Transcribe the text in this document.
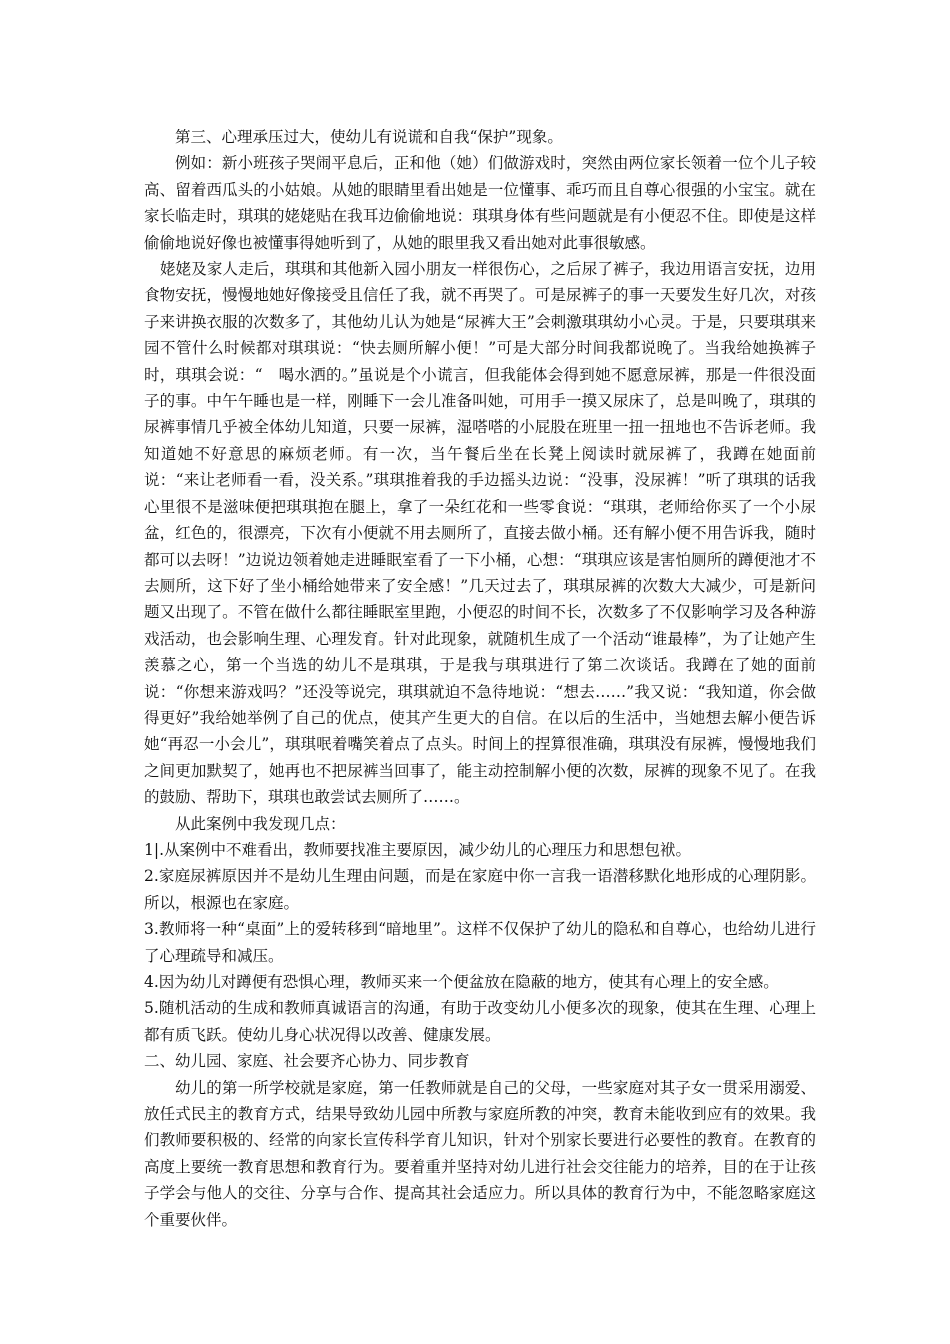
第三、心理承压过大，使幼儿有说谎和自我“保护”现象。

例如：新小班孩子哭闹平息后，正和他（她）们做游戏时，突然由两位家长领着一位个儿子较高、留着西瓜头的小姑娘。从她的眼睛里看出她是一位懂事、乖巧而且自尊心很强的小宝宝。就在家长临走时，琪琪的姥姥贴在我耳边偷偷地说：琪琪身体有些问题就是有小便忍不住。即使是这样偷偷地说好像也被懂事得她听到了，从她的眼里我又看出她对此事很敏感。

姥姥及家人走后，琪琪和其他新入园小朋友一样很伤心，之后尿了裤子，我边用语言安抚，边用食物安抚，慢慢地她好像接受且信任了我，就不再哭了。可是尿裤子的事一天要发生好几次，对孩子来讲换衣服的次数多了，其他幼儿认为她是“尿裤大王”会刺激琪琪幼小心灵。于是，只要琪琪来园不管什么时候都对琪琪说：“快去厕所解小便！”可是大部分时间我都说晚了。当我给她换裤子时，琪琪会说：“　喝水洒的。”虽说是个小谎言，但我能体会得到她不愿意尿裤，那是一件很没面子的事。中午午睡也是一样，刚睡下一会儿准备叫她，可用手一摸又尿床了，总是叫晚了，琪琪的尿裤事情几乎被全体幼儿知道，只要一尿裤，湿嗒嗒的小屁股在班里一扭一扭地也不告诉老师。我知道她不好意思的麻烦老师。有一次，当午餐后坐在长凳上阅读时就尿裤了，我蹲在她面前说：“来让老师看一看，没关系。”琪琪推着我的手边摇头边说：“没事，没尿裤！”听了琪琪的话我心里很不是滋味便把琪琪抱在腿上，拿了一朵红花和一些零食说：“琪琪，老师给你买了一个小尿盆，红色的，很漂亮，下次有小便就不用去厕所了，直接去做小桶。还有解小便不用告诉我，随时都可以去呀！”边说边领着她走进睡眠室看了一下小桶，心想：“琪琪应该是害怕厕所的蹲便池才不去厕所，这下好了坐小桶给她带来了安全感！”几天过去了，琪琪尿裤的次数大大减少，可是新问题又出现了。不管在做什么都往睡眠室里跑，小便忍的时间不长，次数多了不仅影响学习及各种游戏活动，也会影响生理、心理发育。针对此现象，就随机生成了一个活动“谁最棒”，为了让她产生羡慕之心，第一个当选的幼儿不是琪琪，于是我与琪琪进行了第二次谈话。我蹲在了她的面前说：“你想来游戏吗？”还没等说完，琪琪就迫不急待地说：“想去……”我又说：“我知道，你会做得更好”我给她举例了自己的优点，使其产生更大的自信。在以后的生活中，当她想去解小便告诉她“再忍一小会儿”，琪琪呡着嘴笑着点了点头。时间上的捏算很准确，琪琪没有尿裤，慢慢地我们之间更加默契了，她再也不把尿裤当回事了，能主动控制解小便的次数，尿裤的现象不见了。在我的鼓励、帮助下，琪琪也敢尝试去厕所了……。

从此案例中我发现几点：

1|.从案例中不难看出，教师要找准主要原因，减少幼儿的心理压力和思想包袱。

2.家庭尿裤原因并不是幼儿生理由问题，而是在家庭中你一言我一语潜移默化地形成的心理阴影。所以，根源也在家庭。

3.教师将一种“桌面”上的爱转移到“暗地里”。这样不仅保护了幼儿的隐私和自尊心，也给幼儿进行了心理疏导和减压。

4.因为幼儿对蹲便有恐惧心理，教师买来一个便盆放在隐蔽的地方，使其有心理上的安全感。

5.随机活动的生成和教师真诚语言的沟通，有助于改变幼儿小便多次的现象，使其在生理、心理上都有质飞跃。使幼儿身心状况得以改善、健康发展。

二、幼儿园、家庭、社会要齐心协力、同步教育

幼儿的第一所学校就是家庭，第一任教师就是自己的父母，一些家庭对其子女一贯采用溺爱、放任式民主的教育方式，结果导致幼儿园中所教与家庭所教的冲突，教育未能收到应有的效果。我们教师要积极的、经常的向家长宣传科学育儿知识，针对个别家长要进行必要性的教育。在教育的高度上要统一教育思想和教育行为。要着重并坚持对幼儿进行社会交往能力的培养，目的在于让孩子学会与他人的交往、分享与合作、提高其社会适应力。所以具体的教育行为中，不能忽略家庭这个重要伙伴。
